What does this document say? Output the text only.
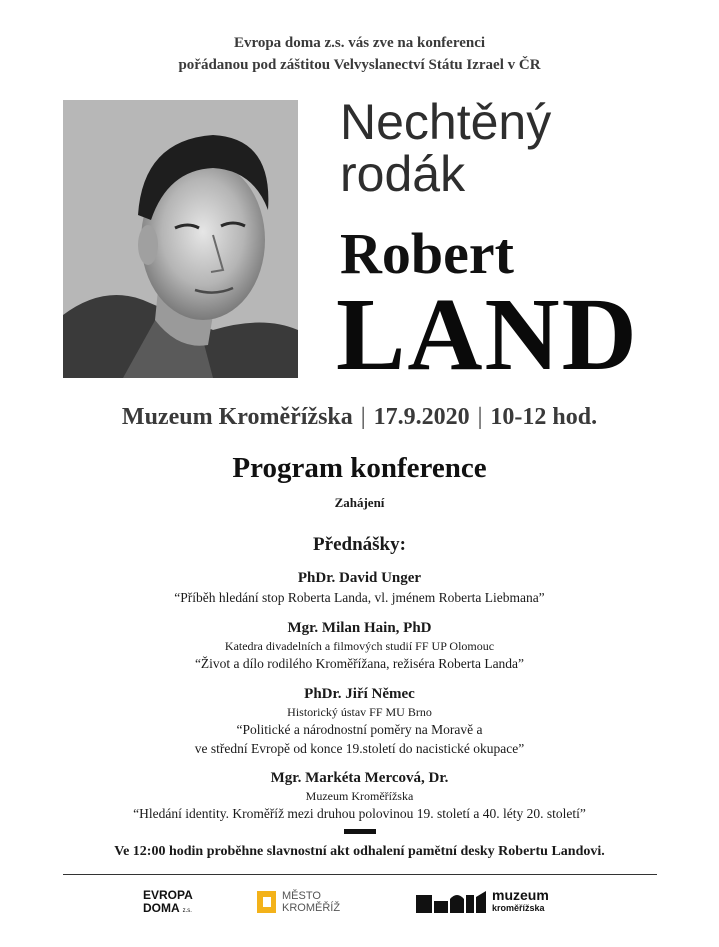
Evropa doma z.s. vás zve na konferenci
pořádanou pod záštitou Velvyslanectví Státu Izrael v ČR
Nechtěný
rodák
Robert
LAND
Muzeum Kroměřížska | 17.9.2020 | 10-12 hod.
Program konference
Zahájení
Přednášky:
PhDr. David Unger
“Příběh hledání stop Roberta Landa, vl. jménem Roberta Liebmana”
Mgr. Milan Hain, PhD
Katedra divadelních a filmových studií FF UP Olomouc
“Život a dílo rodilého Kroměřížana, režiséra Roberta Landa”
PhDr. Jiří Němec
Historický ústav FF MU Brno
“Politické a národnostní poměry na Moravě a
ve střední Evropě od konce 19.století do nacistické okupace”
Mgr. Markéta Mercová, Dr.
Muzeum Kroměřížska
“Hledání identity. Kroměříž mezi druhou polovinou 19. století a 40. léty 20. století”
Ve 12:00 hodin proběhne slavnostní akt odhalení pamětní desky Robertu Landovi.
EVROPA
DOMA z.s.
MĚSTO
KROMĚŘÍŽ
muzeum
kroměřížska
